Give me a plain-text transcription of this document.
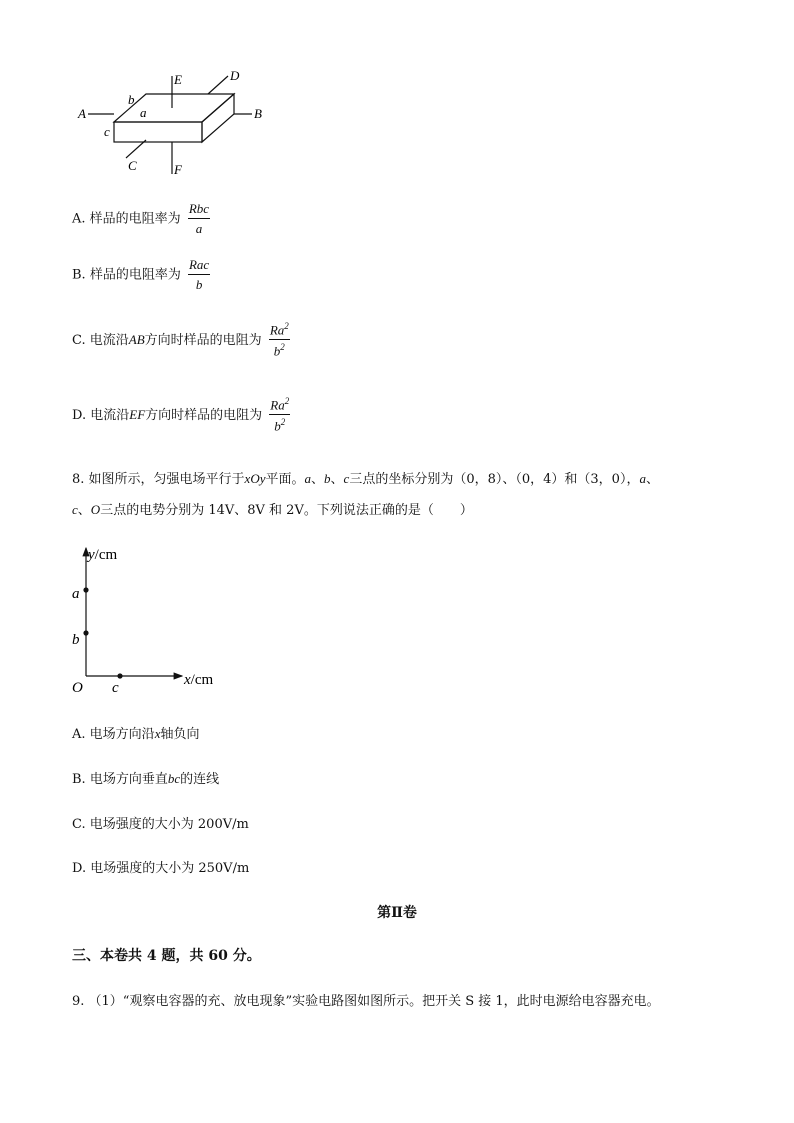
A	B
C
D
E
F
a
b
c
A. 样品的电阻率为 $\frac{\text{Rbc}}{a}$
B. 样品的电阻率为 $\frac{\text{Rac}}{b}$
C. 电流沿AB方向时样品的电阻为 $\frac{Ra^2}{b^2}$
D. 电流沿EF方向时样品的电阻为 $\frac{Ra^2}{b^2}$
8. 如图所示，匀强电场平行于xOy平面。a、b、c三点的坐标分别为（0，8）、（0，4）和（3，0），a、
c、O三点的电势分别为 14V、8V 和 2V。下列说法正确的是（　　）
y/cm
x/cm
a
b
O c
A. 电场方向沿x轴负向
B. 电场方向垂直bc的连线
C. 电场强度的大小为 200V/m
D. 电场强度的大小为 250V/m
第Ⅱ卷
三、本卷共 4 题，共 60 分。
9. （1）“观察电容器的充、放电现象”实验电路图如图所示。把开关 S 接 1，此时电源给电容器充电。
